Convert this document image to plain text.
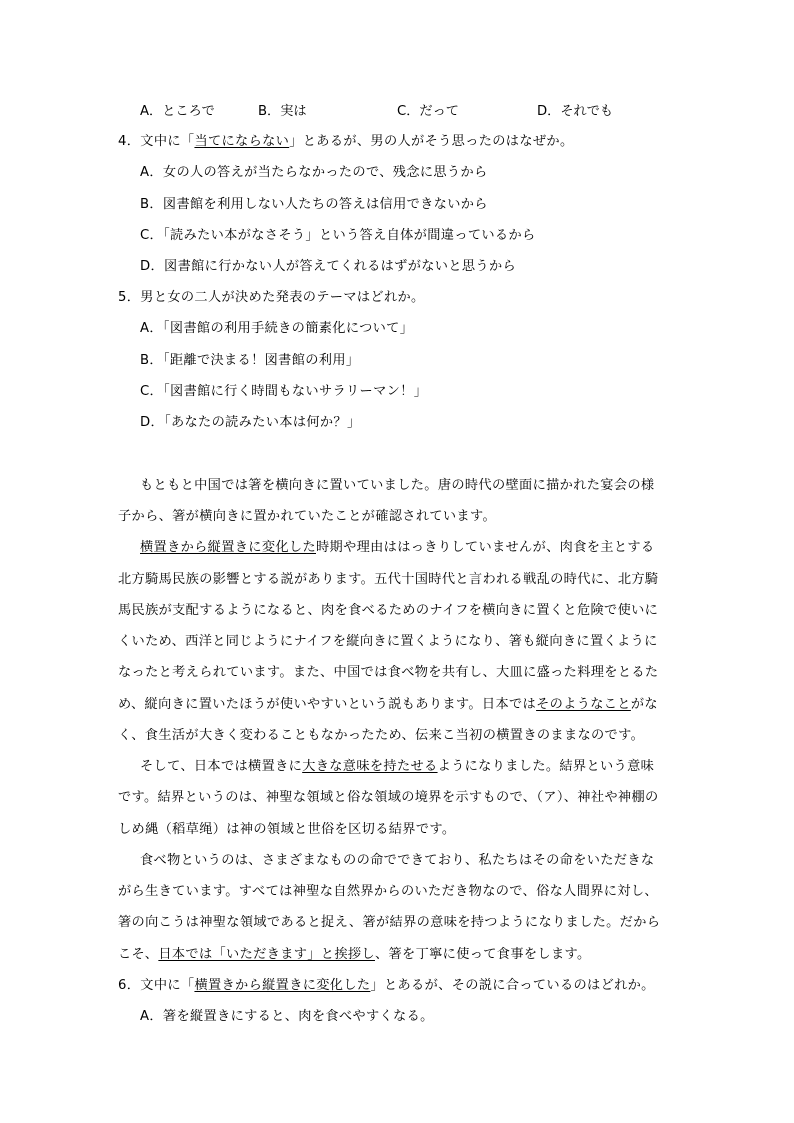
A．ところで	B．実は	C．だって	D．それでも
4．文中に「当てにならない」とあるが、男の人がそう思ったのはなぜか。
A．女の人の答えが当たらなかったので、残念に思うから
B．図書館を利用しない人たちの答えは信用できないから
C．「読みたい本がなさそう」という答え自体が間違っているから
D．図書館に行かない人が答えてくれるはずがないと思うから
5．男と女の二人が決めた発表のテーマはどれか。
A．「図書館の利用手続きの簡素化について」
B．「距離で決まる！図書館の利用」
C．「図書館に行く時間もないサラリーマン！」
D．「あなたの読みたい本は何か？」
もともと中国では箸を横向きに置いていました。唐の時代の壁面に描かれた宴会の様
子から、箸が横向きに置かれていたことが確認されています。
横置きから縦置きに変化した時期や理由ははっきりしていませんが、肉食を主とする
北方騎馬民族の影響とする説があります。五代十国時代と言われる戦乱の時代に、北方騎
馬民族が支配するようになると、肉を食べるためのナイフを横向きに置くと危険で使いに
くいため、西洋と同じようにナイフを縦向きに置くようになり、箸も縦向きに置くように
なったと考えられています。また、中国では食べ物を共有し、大皿に盛った料理をとるた
め、縦向きに置いたほうが使いやすいという説もあります。日本ではそのようなことがな
く、食生活が大きく変わることもなかったため、伝来こ当初の横置きのままなのです。
そして、日本では横置きに大きな意味を持たせるようになりました。結界という意味
です。結界というのは、神聖な領域と俗な領域の境界を示すもので、（ア）、神社や神棚の
しめ縄（稻草绳）は神の領域と世俗を区切る結界です。
食べ物というのは、さまざまなものの命でできており、私たちはその命をいただきな
がら生きています。すべては神聖な自然界からのいただき物なので、俗な人間界に対し、
箸の向こうは神聖な領域であると捉え、箸が結界の意味を持つようになりました。だから
こそ、日本では「いただきます」と挨拶し、箸を丁寧に使って食事をします。
6．文中に「横置きから縦置きに変化した」とあるが、その説に合っているのはどれか。
A．箸を縦置きにすると、肉を食べやすくなる。
